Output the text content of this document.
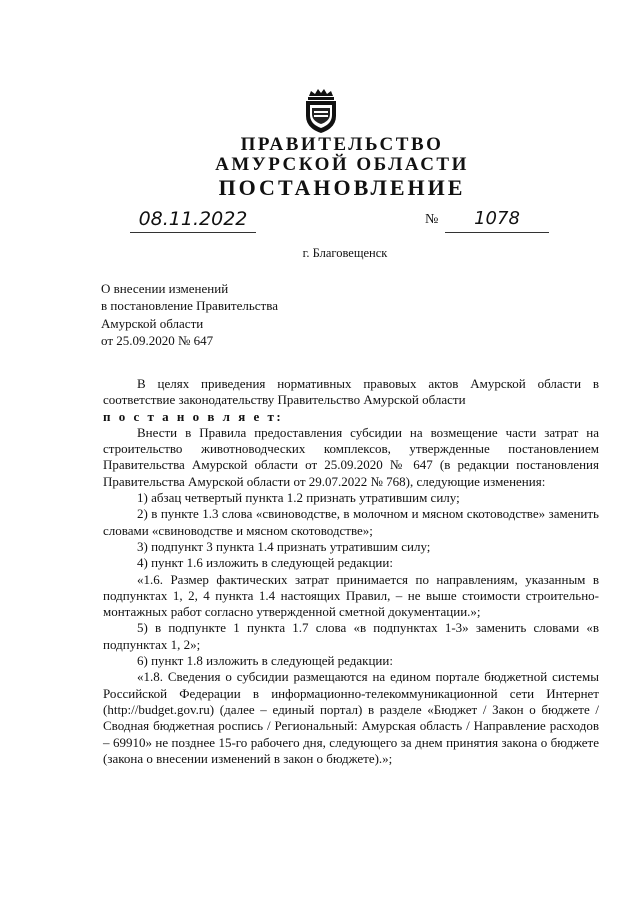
ПРАВИТЕЛЬСТВО
АМУРСКОЙ ОБЛАСТИ
ПОСТАНОВЛЕНИЕ
08.11.2022	№	1078
г. Благовещенск
О внесении изменений
в постановление Правительства
Амурской области
от 25.09.2020 № 647

В целях приведения нормативных правовых актов Амурской области в соответствие законодательству Правительство Амурской области

п о с т а н о в л я е т:

Внести в Правила предоставления субсидии на возмещение части затрат на строительство животноводческих комплексов, утвержденные постановлением Правительства Амурской области от 25.09.2020 № 647 (в редакции постановления Правительства Амурской области от 29.07.2022 № 768), следующие изменения:

1) абзац четвертый пункта 1.2 признать утратившим силу;

2) в пункте 1.3 слова «свиноводстве, в молочном и мясном скотоводстве» заменить словами «свиноводстве и мясном скотоводстве»;

3) подпункт 3 пункта 1.4 признать утратившим силу;

4) пункт 1.6 изложить в следующей редакции:

«1.6. Размер фактических затрат принимается по направлениям, указанным в подпунктах 1, 2, 4 пункта 1.4 настоящих Правил, – не выше стоимости строительно-монтажных работ согласно утвержденной сметной документации.»;

5) в подпункте 1 пункта 1.7 слова «в подпунктах 1-3» заменить словами «в подпунктах 1, 2»;

6) пункт 1.8 изложить в следующей редакции:

«1.8. Сведения о субсидии размещаются на едином портале бюджетной системы Российской Федерации в информационно-телекоммуникационной сети Интернет (http://budget.gov.ru) (далее – единый портал) в разделе «Бюджет / Закон о бюджете / Сводная бюджетная роспись / Региональный: Амурская область / Направление расходов – 69910» не позднее 15-го рабочего дня, следующего за днем принятия закона о бюджете (закона о внесении изменений в закон о бюджете).»;
